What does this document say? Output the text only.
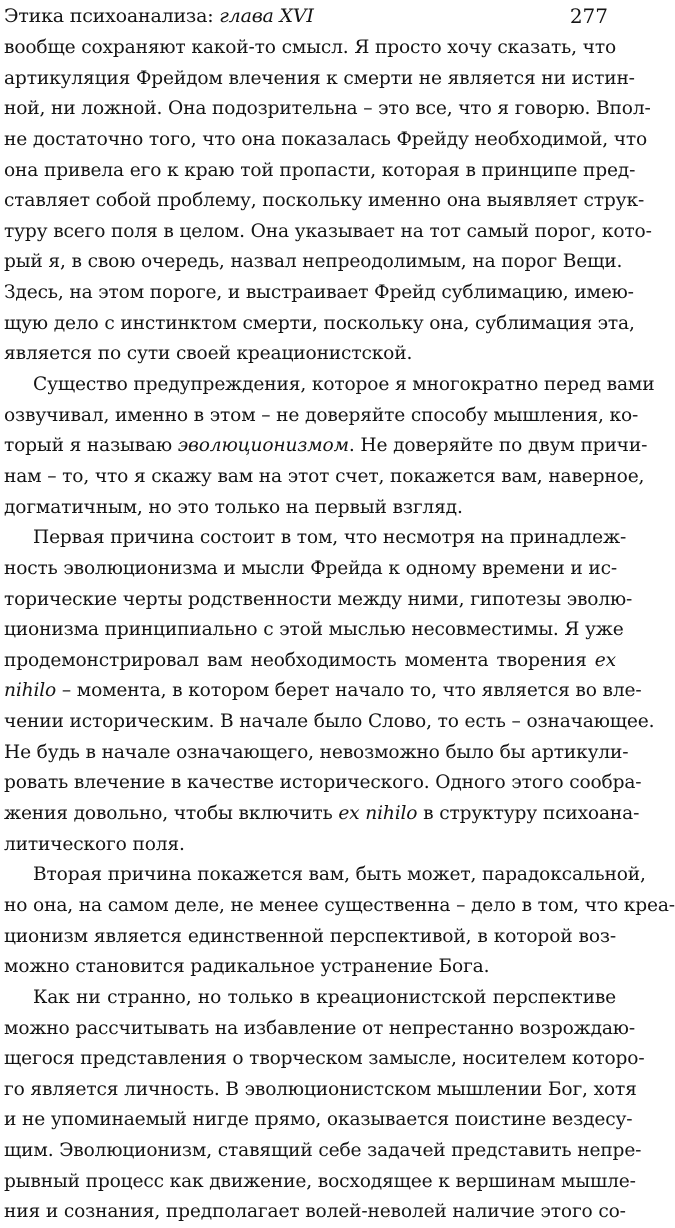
Этика психоанализа: глава XVI	277
вообще сохраняют какой-то смысл. Я просто хочу сказать, что
артикуляция Фрейдом влечения к смерти не является ни истин-
ной, ни ложной. Она подозрительна – это все, что я говорю. Впол-
не достаточно того, что она показалась Фрейду необходимой, что
она привела его к краю той пропасти, которая в принципе пред-
ставляет собой проблему, поскольку именно она выявляет струк-
туру всего поля в целом. Она указывает на тот самый порог, кото-
рый я, в свою очередь, назвал непреодолимым, на порог Вещи.
Здесь, на этом пороге, и выстраивает Фрейд сублимацию, имею-
щую дело с инстинктом смерти, поскольку она, сублимация эта,
является по сути своей креационистской.
Существо предупреждения, которое я многократно перед вами
озвучивал, именно в этом – не доверяйте способу мышления, ко-
торый я называю эволюционизмом. Не доверяйте по двум причи-
нам – то, что я скажу вам на этот счет, покажется вам, наверное,
догматичным, но это только на первый взгляд.
Первая причина состоит в том, что несмотря на принадлеж-
ность эволюционизма и мысли Фрейда к одному времени и ис-
торические черты родственности между ними, гипотезы эволю-
ционизма принципиально с этой мыслью несовместимы. Я уже
продемонстрировал вам необходимость момента творения ex
nihilo – момента, в котором берет начало то, что является во вле-
чении историческим. В начале было Слово, то есть – означающее.
Не будь в начале означающего, невозможно было бы артикули-
ровать влечение в качестве исторического. Одного этого сообра-
жения довольно, чтобы включить ex nihilo в структуру психоана-
литического поля.
Вторая причина покажется вам, быть может, парадоксальной,
но она, на самом деле, не менее существенна – дело в том, что креа-
ционизм является единственной перспективой, в которой воз-
можно становится радикальное устранение Бога.
Как ни странно, но только в креационистской перспективе
можно рассчитывать на избавление от непрестанно возрождаю-
щегося представления о творческом замысле, носителем которо-
го является личность. В эволюционистском мышлении Бог, хотя
и не упоминаемый нигде прямо, оказывается поистине вездесу-
щим. Эволюционизм, ставящий себе задачей представить непре-
рывный процесс как движение, восходящее к вершинам мышле-
ния и сознания, предполагает волей-неволей наличие этого со-
